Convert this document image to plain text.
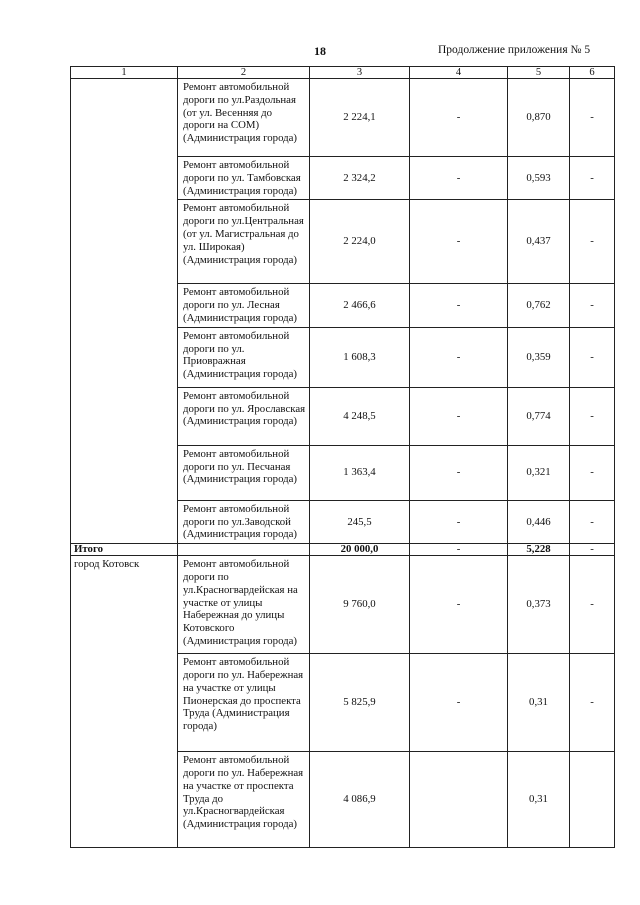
18	Продолжение приложения № 5
1	2	3	4	5	6
	Ремонт автомобильной дороги по ул.Раздольная (от ул. Весенняя до дороги на СОМ) (Администрация города)	2 224,1	-	0,870	-
	Ремонт автомобильной дороги по ул. Тамбовская (Администрация города)	2 324,2	-	0,593	-
	Ремонт автомобильной дороги по ул.Центральная (от ул. Магистральная до ул. Широкая) (Администрация города)	2 224,0	-	0,437	-
	Ремонт автомобильной дороги по ул. Лесная (Администрация города)	2 466,6	-	0,762	-
	Ремонт автомобильной дороги по ул. Приовражная (Администрация города)	1 608,3	-	0,359	-
	Ремонт автомобильной дороги по ул. Ярославская (Администрация города)	4 248,5	-	0,774	-
	Ремонт автомобильной дороги по ул. Песчаная (Администрация города)	1 363,4	-	0,321	-
	Ремонт автомобильной дороги по ул.Заводской (Администрация города)	245,5	-	0,446	-
Итого		20 000,0	-	5,228	-
город Котовск	Ремонт автомобильной дороги по ул.Красногвардейская на участке от улицы Набережная до улицы Котовского (Администрация города)	9 760,0	-	0,373	-
	Ремонт автомобильной дороги по ул. Набережная на участке от улицы Пионерская до проспекта Труда (Администрация города)	5 825,9	-	0,31	-
	Ремонт автомобильной дороги по ул. Набережная на участке от проспекта Труда до ул.Красногвардейская (Администрация города)	4 086,9		0,31	
